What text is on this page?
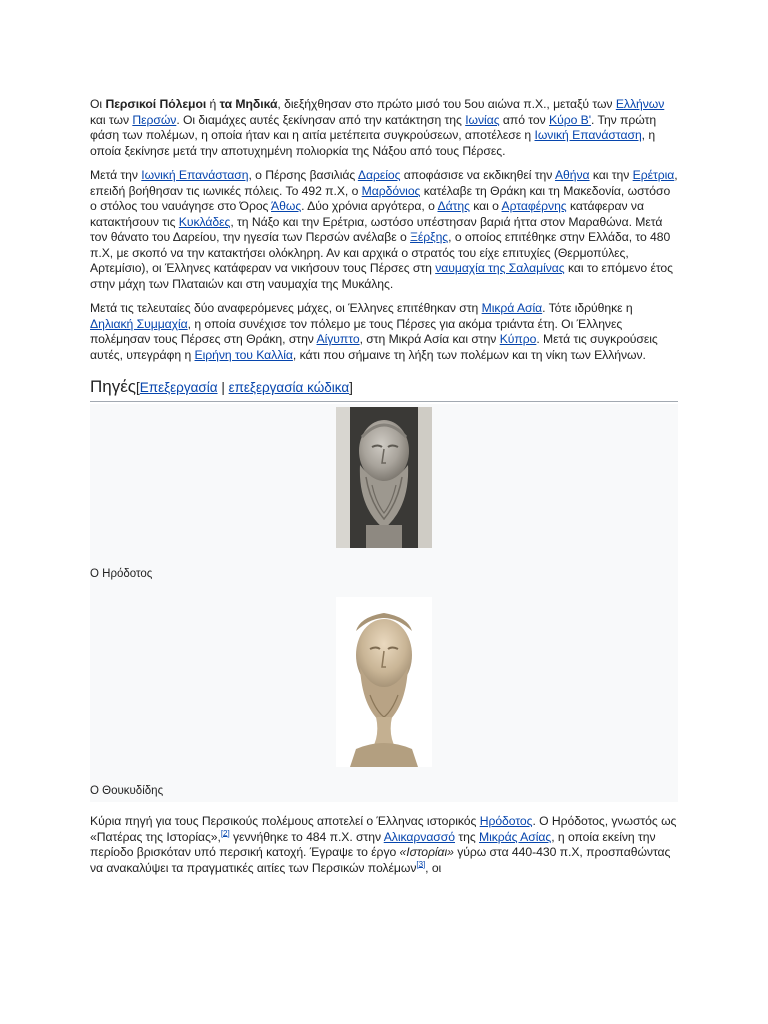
Οι Περσικοί Πόλεμοι ή τα Μηδικά, διεξήχθησαν στο πρώτο μισό του 5ου αιώνα π.Χ., μεταξύ των Ελλήνων και των Περσών. Οι διαμάχες αυτές ξεκίνησαν από την κατάκτηση της Ιωνίας από τον Κύρο Β'. Την πρώτη φάση των πολέμων, η οποία ήταν και η αιτία μετέπειτα συγκρούσεων, αποτέλεσε η Ιωνική Επανάσταση, η οποία ξεκίνησε μετά την αποτυχημένη πολιορκία της Νάξου από τους Πέρσες.

Μετά την Ιωνική Επανάσταση, ο Πέρσης βασιλιάς Δαρείος αποφάσισε να εκδικηθεί την Αθήνα και την Ερέτρια, επειδή βοήθησαν τις ιωνικές πόλεις. Το 492 π.Χ, ο Μαρδόνιος κατέλαβε τη Θράκη και τη Μακεδονία, ωστόσο ο στόλος του ναυάγησε στο Όρος Άθως. Δύο χρόνια αργότερα, ο Δάτης και ο Αρταφέρνης κατάφεραν να κατακτήσουν τις Κυκλάδες, τη Νάξο και την Ερέτρια, ωστόσο υπέστησαν βαριά ήττα στον Μαραθώνα. Μετά τον θάνατο του Δαρείου, την ηγεσία των Περσών ανέλαβε ο Ξέρξης, ο οποίος επιτέθηκε στην Ελλάδα, το 480 π.Χ, με σκοπό να την κατακτήσει ολόκληρη. Αν και αρχικά ο στρατός του είχε επιτυχίες (Θερμοπύλες, Αρτεμίσιο), οι Έλληνες κατάφεραν να νικήσουν τους Πέρσες στη ναυμαχία της Σαλαμίνας και το επόμενο έτος στην μάχη των Πλαταιών και στη ναυμαχία της Μυκάλης.

Μετά τις τελευταίες δύο αναφερόμενες μάχες, οι Έλληνες επιτέθηκαν στη Μικρά Ασία. Τότε ιδρύθηκε η Δηλιακή Συμμαχία, η οποία συνέχισε τον πόλεμο με τους Πέρσες για ακόμα τριάντα έτη. Οι Έλληνες πολέμησαν τους Πέρσες στη Θράκη, στην Αίγυπτο, στη Μικρά Ασία και στην Κύπρο. Μετά τις συγκρούσεις αυτές, υπεγράφη η Ειρήνη του Καλλία, κάτι που σήμαινε τη λήξη των πολέμων και τη νίκη των Ελλήνων.

Πηγές[Επεξεργασία | επεξεργασία κώδικα]
Ο Ηρόδοτος
Ο Θουκυδίδης

Κύρια πηγή για τους Περσικούς πολέμους αποτελεί ο Έλληνας ιστορικός Ηρόδοτος. Ο Ηρόδοτος, γνωστός ως «Πατέρας της Ιστορίας»,[2] γεννήθηκε το 484 π.Χ. στην Αλικαρνασσό της Μικράς Ασίας, η οποία εκείνη την περίοδο βρισκόταν υπό περσική κατοχή. Έγραψε το έργο «Ιστορίαι» γύρω στα 440-430 π.Χ, προσπαθώντας να ανακαλύψει τα πραγματικές αιτίες των Περσικών πολέμων[3], οι
